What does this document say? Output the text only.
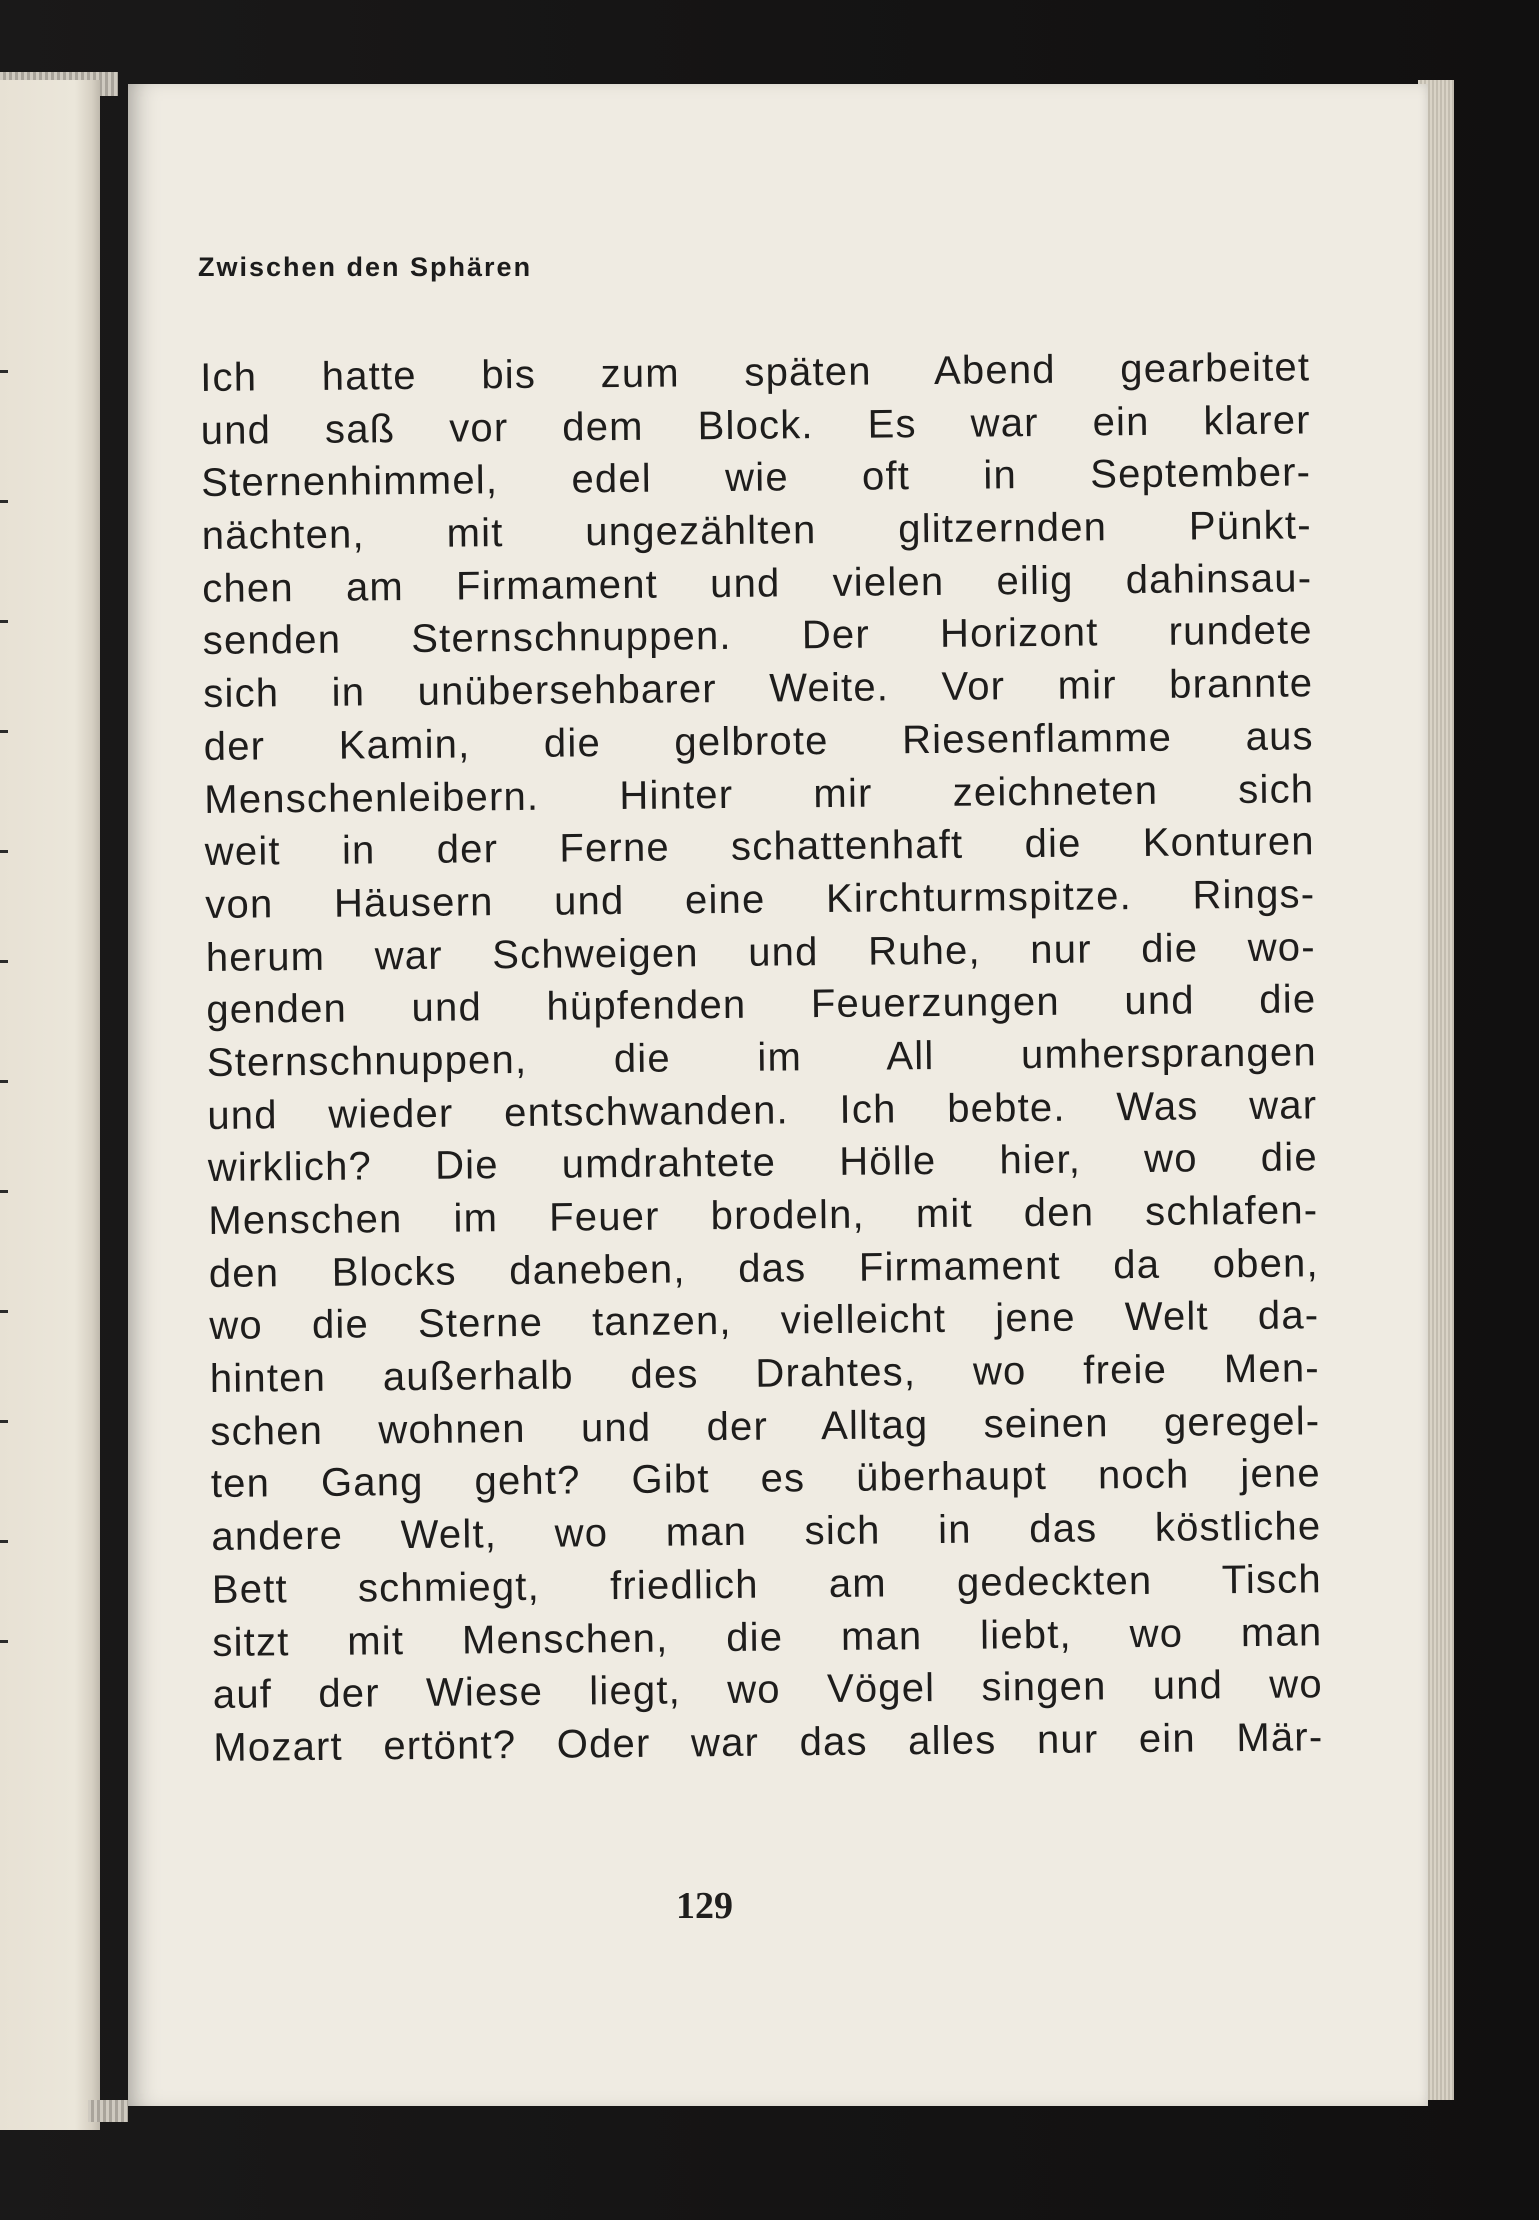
Zwischen den Sphären
Ich hatte bis zum späten Abend gearbeitet
und saß vor dem Block. Es war ein klarer
Sternenhimmel, edel wie oft in September-
nächten, mit ungezählten glitzernden Pünkt-
chen am Firmament und vielen eilig dahinsau-
senden Sternschnuppen. Der Horizont rundete
sich in unübersehbarer Weite. Vor mir brannte
der Kamin, die gelbrote Riesenflamme aus
Menschenleibern. Hinter mir zeichneten sich
weit in der Ferne schattenhaft die Konturen
von Häusern und eine Kirchturmspitze. Rings-
herum war Schweigen und Ruhe, nur die wo-
genden und hüpfenden Feuerzungen und die
Sternschnuppen, die im All umhersprangen
und wieder entschwanden. Ich bebte. Was war
wirklich? Die umdrahtete Hölle hier, wo die
Menschen im Feuer brodeln, mit den schlafen-
den Blocks daneben, das Firmament da oben,
wo die Sterne tanzen, vielleicht jene Welt da-
hinten außerhalb des Drahtes, wo freie Men-
schen wohnen und der Alltag seinen geregel-
ten Gang geht? Gibt es überhaupt noch jene
andere Welt, wo man sich in das köstliche
Bett schmiegt, friedlich am gedeckten Tisch
sitzt mit Menschen, die man liebt, wo man
auf der Wiese liegt, wo Vögel singen und wo
Mozart ertönt? Oder war das alles nur ein Mär-
129
